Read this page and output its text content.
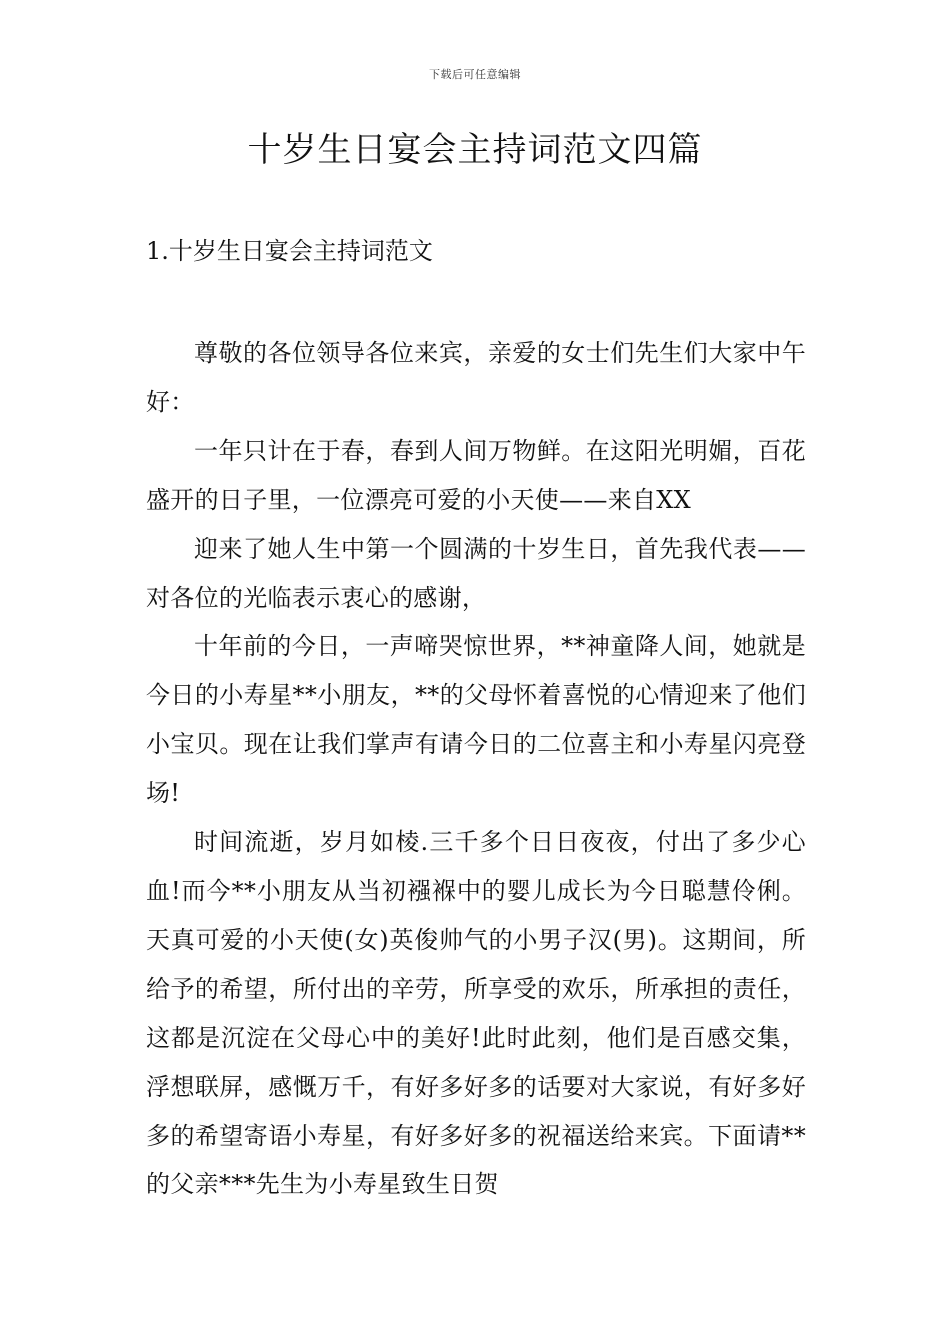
下载后可任意编辑
十岁生日宴会主持词范文四篇
1.十岁生日宴会主持词范文

尊敬的各位领导各位来宾，亲爱的女士们先生们大家中午好：

一年只计在于春，春到人间万物鲜。在这阳光明媚，百花盛开的日子里，一位漂亮可爱的小天使——来自XX

迎来了她人生中第一个圆满的十岁生日，首先我代表——对各位的光临表示衷心的感谢，

十年前的今日，一声啼哭惊世界，**神童降人间，她就是今日的小寿星**小朋友，**的父母怀着喜悦的心情迎来了他们小宝贝。现在让我们掌声有请今日的二位喜主和小寿星闪亮登场!

时间流逝，岁月如棱.三千多个日日夜夜，付出了多少心血!而今**小朋友从当初襁褓中的婴儿成长为今日聪慧伶俐。天真可爱的小天使(女)英俊帅气的小男子汉(男)。这期间，所给予的希望，所付出的辛劳，所享受的欢乐，所承担的责任，这都是沉淀在父母心中的美好!此时此刻，他们是百感交集，浮想联屏，感慨万千，有好多好多的话要对大家说，有好多好多的希望寄语小寿星，有好多好多的祝福送给来宾。下面请**的父亲***先生为小寿星致生日贺
